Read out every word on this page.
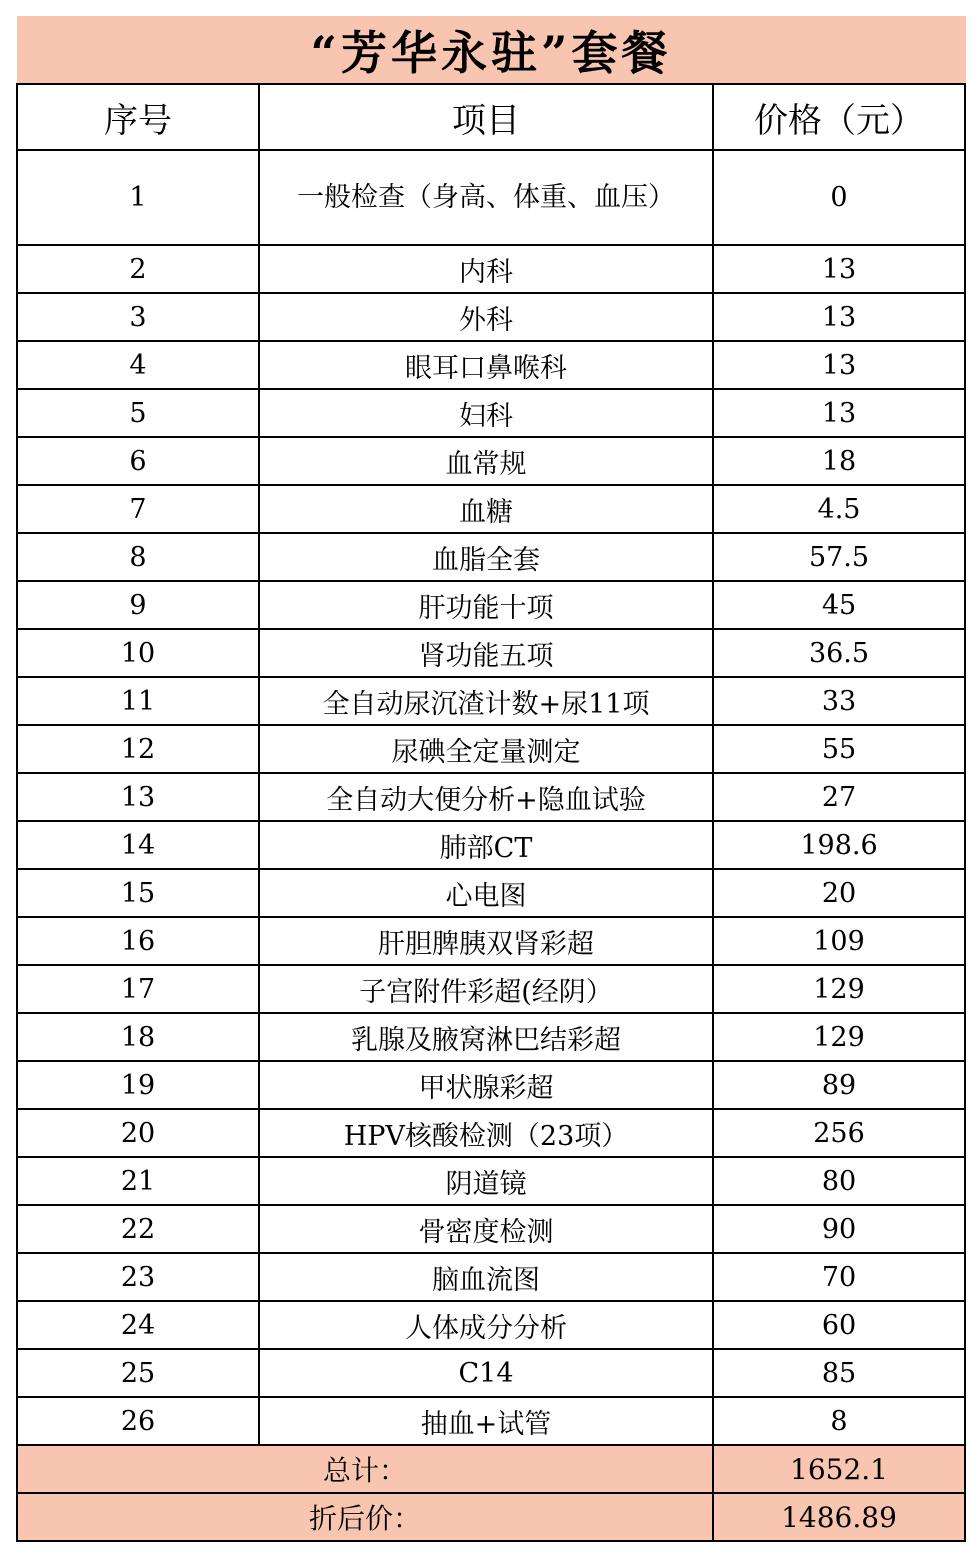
“芳华永驻”套餐		
序号	项目	价格（元）
1	一般检查（身高、体重、血压）	0
2	内科	13
3	外科	13
4	眼耳口鼻喉科	13
5	妇科	13
6	血常规	18
7	血糖	4.5
8	血脂全套	57.5
9	肝功能十项	45
10	肾功能五项	36.5
11	全自动尿沉渣计数+尿11项	33
12	尿碘全定量测定	55
13	全自动大便分析+隐血试验	27
14	肺部CT	198.6
15	心电图	20
16	肝胆脾胰双肾彩超	109
17	子宫附件彩超(经阴）	129
18	乳腺及腋窝淋巴结彩超	129
19	甲状腺彩超	89
20	HPV核酸检测（23项）	256
21	阴道镜	80
22	骨密度检测	90
23	脑血流图	70
24	人体成分分析	60
25	C14	85
26	抽血+试管	8
总计：		1652.1
折后价：		1486.89
